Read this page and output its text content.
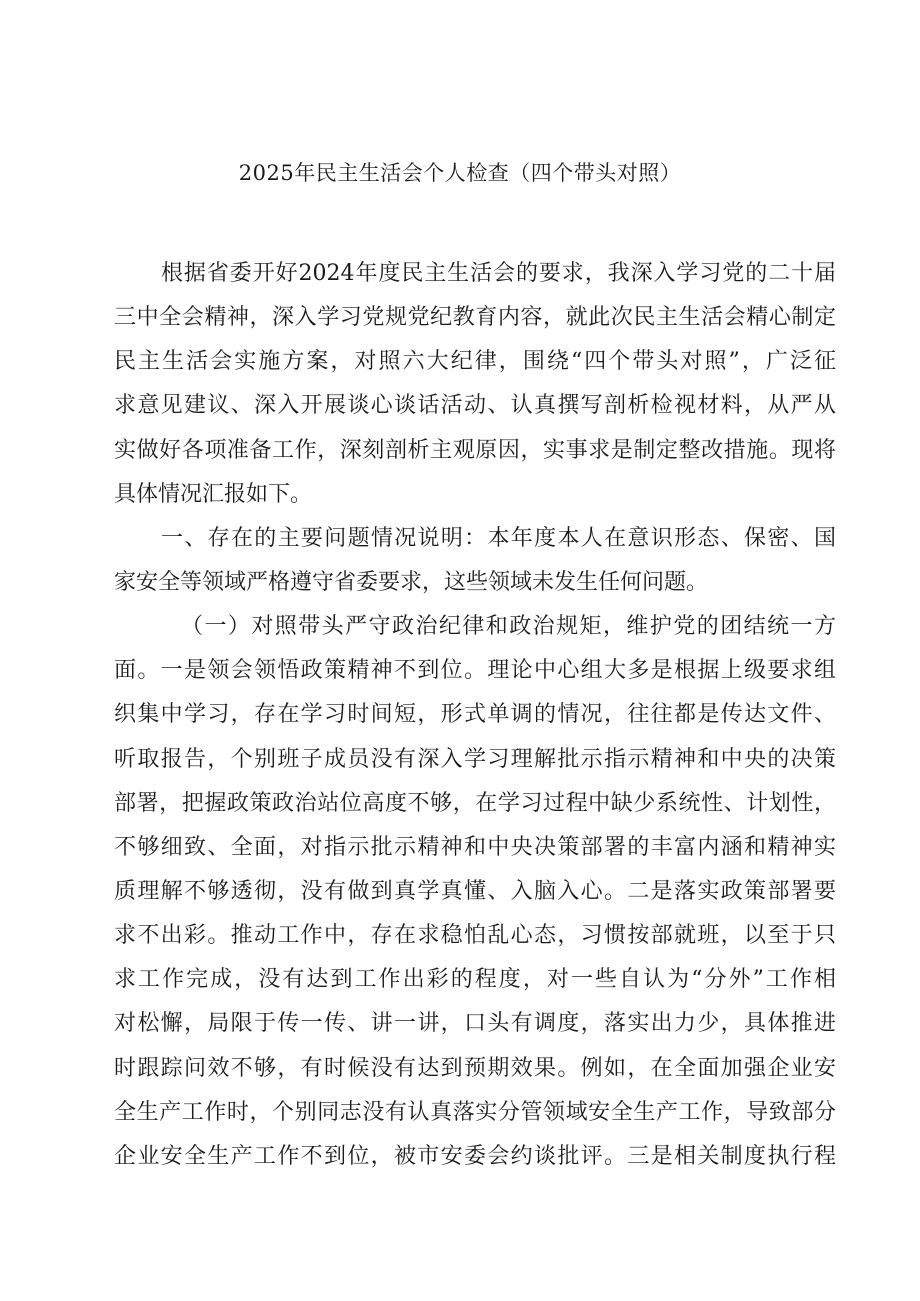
2025年民主生活会个人检查（四个带头对照）
根据省委开好2024年度民主生活会的要求，我深入学习党的二十届
三中全会精神，深入学习党规党纪教育内容，就此次民主生活会精心制定
民主生活会实施方案，对照六大纪律，围绕“四个带头对照”，广泛征
求意见建议、深入开展谈心谈话活动、认真撰写剖析检视材料，从严从
实做好各项准备工作，深刻剖析主观原因，实事求是制定整改措施。现将
具体情况汇报如下。
一、存在的主要问题情况说明：本年度本人在意识形态、保密、国
家安全等领域严格遵守省委要求，这些领域未发生任何问题。
（一）对照带头严守政治纪律和政治规矩，维护党的团结统一方
面。一是领会领悟政策精神不到位。理论中心组大多是根据上级要求组
织集中学习，存在学习时间短，形式单调的情况，往往都是传达文件、
听取报告，个别班子成员没有深入学习理解批示指示精神和中央的决策
部署，把握政策政治站位高度不够，在学习过程中缺少系统性、计划性，
不够细致、全面，对指示批示精神和中央决策部署的丰富内涵和精神实
质理解不够透彻，没有做到真学真懂、入脑入心。二是落实政策部署要
求不出彩。推动工作中，存在求稳怕乱心态，习惯按部就班，以至于只
求工作完成，没有达到工作出彩的程度，对一些自认为“分外”工作相
对松懈，局限于传一传、讲一讲，口头有调度，落实出力少，具体推进
时跟踪问效不够，有时候没有达到预期效果。例如，在全面加强企业安
全生产工作时，个别同志没有认真落实分管领域安全生产工作，导致部分
企业安全生产工作不到位，被市安委会约谈批评。三是相关制度执行程
